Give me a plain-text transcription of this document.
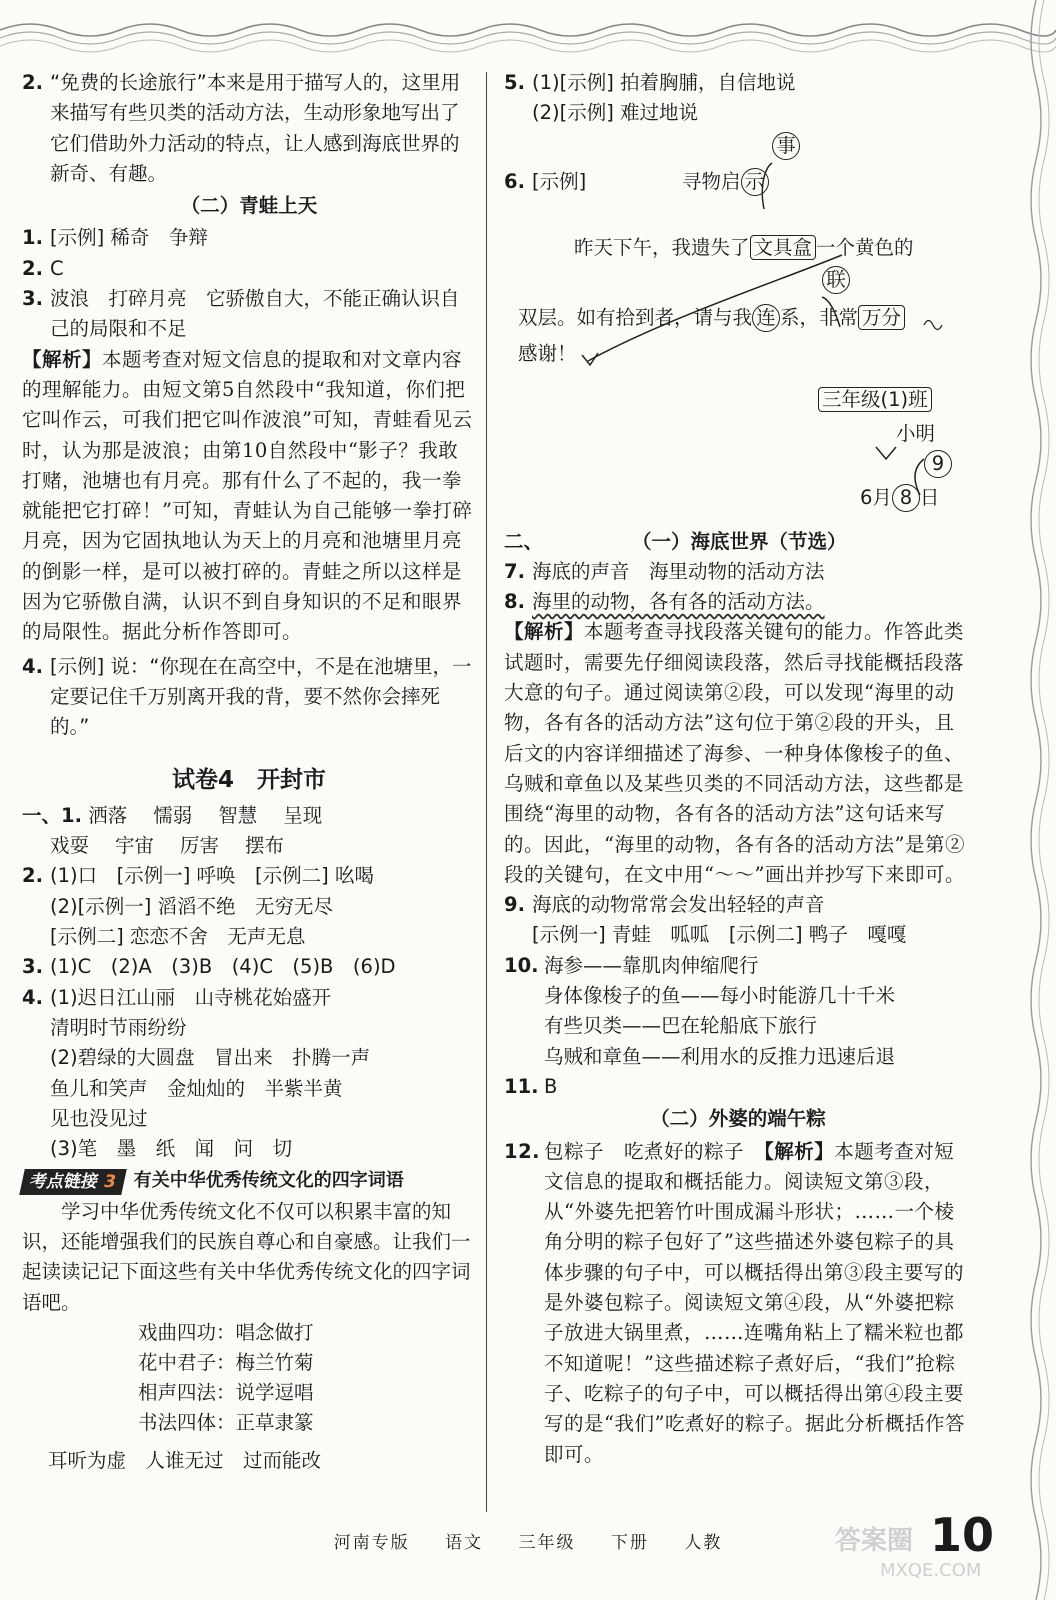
2. “免费的长途旅行”本来是用于描写人的，这里用来描写有些贝类的活动方法，生动形象地写出了它们借助外力活动的特点，让人感到海底世界的新奇、有趣。
（二）青蛙上天
1. [示例] 稀奇　争辩
2. C
3. 波浪　打碎月亮　它骄傲自大，不能正确认识自己的局限和不足
【解析】本题考查对短文信息的提取和对文章内容的理解能力。由短文第5自然段中“我知道，你们把它叫作云，可我们把它叫作波浪”可知，青蛙看见云时，认为那是波浪；由第10自然段中“影子？我敢打赌，池塘也有月亮。那有什么了不起的，我一拳就能把它打碎！”可知，青蛙认为自己能够一拳打碎月亮，因为它固执地认为天上的月亮和池塘里月亮的倒影一样，是可以被打碎的。青蛙之所以这样是因为它骄傲自满，认识不到自身知识的不足和眼界的局限性。据此分析作答即可。
4. [示例] 说：“你现在在高空中，不是在池塘里，一定要记住千万别离开我的背，要不然你会摔死的。”
试卷4　开封市
一、1. 洒落 懦弱 智慧 呈现
戏耍 宇宙 厉害 摆布
2. (1)口　[示例一] 呼唤　[示例二] 吆喝
(2)[示例一] 滔滔不绝　无穷无尽
[示例二] 恋恋不舍　无声无息
3. (1)C　(2)A　(3)B　(4)C　(5)B　(6)D
4. (1)迟日江山丽　山寺桃花始盛开
清明时节雨纷纷
(2)碧绿的大圆盘　冒出来　扑腾一声
鱼儿和笑声　金灿灿的　半紫半黄
见也没见过
(3)笔　墨　纸　闻　问　切
考点链接 3 有关中华优秀传统文化的四字词语
学习中华优秀传统文化不仅可以积累丰富的知识，还能增强我们的民族自尊心和自豪感。让我们一起读读记记下面这些有关中华优秀传统文化的四字词语吧。
戏曲四功：唱念做打
花中君子：梅兰竹菊
相声四法：说学逗唱
书法四体：正草隶篆
耳听为虚　人谁无过　过而能改
5. (1)[示例] 拍着胸脯，自信地说
(2)[示例] 难过地说
6. [示例]
事
寻物启 示
昨天下午，我遗失了 文具盒 一个黄色的
联
双层。如有拾到者，请与我 连 系，非常 万分
感谢！
三年级(1)班
小明
9
6月 8 日
二、	（一）海底世界（节选）
7. 海底的声音　海里动物的活动方法
8. 海里的动物，各有各的活动方法。
【解析】本题考查寻找段落关键句的能力。作答此类试题时，需要先仔细阅读段落，然后寻找能概括段落大意的句子。通过阅读第②段，可以发现“海里的动物，各有各的活动方法”这句位于第②段的开头，且后文的内容详细描述了海参、一种身体像梭子的鱼、乌贼和章鱼以及某些贝类的不同活动方法，这些都是围绕“海里的动物，各有各的活动方法”这句话来写的。因此，“海里的动物，各有各的活动方法”是第②段的关键句，在文中用“～～”画出并抄写下来即可。
9. 海底的动物常常会发出轻轻的声音
[示例一] 青蛙　呱呱　[示例二] 鸭子　嘎嘎
10. 海参——靠肌肉伸缩爬行
身体像梭子的鱼——每小时能游几十千米
有些贝类——巴在轮船底下旅行
乌贼和章鱼——利用水的反推力迅速后退
11. B
（二）外婆的端午粽
12. 包粽子　吃煮好的粽子　【解析】本题考查对短文信息的提取和概括能力。阅读短文第③段，从“外婆先把箬竹叶围成漏斗形状；……一个棱角分明的粽子包好了”这些描述外婆包粽子的具体步骤的句子中，可以概括得出第③段主要写的是外婆包粽子。阅读短文第④段，从“外婆把粽子放进大锅里煮，……连嘴角粘上了糯米粒也都不知道呢！”这些描述粽子煮好后，“我们”抢粽子、吃粽子的句子中，可以概括得出第④段主要写的是“我们”吃煮好的粽子。据此分析概括作答即可。
河南专版 语文 三年级 下册 人教	答案圈
MXQE.COM
10
